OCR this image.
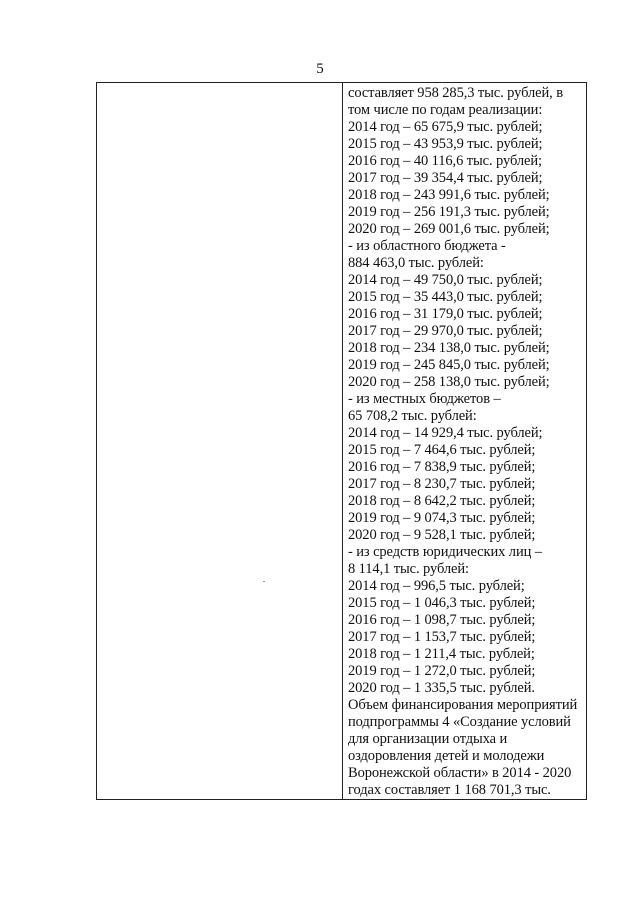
5
составляет 958 285,3 тыс. рублей, в
том числе по годам реализации:
2014 год – 65 675,9 тыс. рублей;
2015 год – 43 953,9 тыс. рублей;
2016 год – 40 116,6 тыс. рублей;
2017 год – 39 354,4 тыс. рублей;
2018 год – 243 991,6 тыс. рублей;
2019 год – 256 191,3 тыс. рублей;
2020 год – 269 001,6 тыс. рублей;
- из областного бюджета -
884 463,0 тыс. рублей:
2014 год – 49 750,0 тыс. рублей;
2015 год – 35 443,0 тыс. рублей;
2016 год – 31 179,0 тыс. рублей;
2017 год – 29 970,0 тыс. рублей;
2018 год – 234 138,0 тыс. рублей;
2019 год – 245 845,0 тыс. рублей;
2020 год – 258 138,0 тыс. рублей;
- из местных бюджетов –
65 708,2 тыс. рублей:
2014 год – 14 929,4 тыс. рублей;
2015 год – 7 464,6 тыс. рублей;
2016 год – 7 838,9 тыс. рублей;
2017 год – 8 230,7 тыс. рублей;
2018 год – 8 642,2 тыс. рублей;
2019 год – 9 074,3 тыс. рублей;
2020 год – 9 528,1 тыс. рублей;
- из средств юридических лиц –
8 114,1 тыс. рублей:
2014 год – 996,5 тыс. рублей;
2015 год – 1 046,3 тыс. рублей;
2016 год – 1 098,7 тыс. рублей;
2017 год – 1 153,7 тыс. рублей;
2018 год – 1 211,4 тыс. рублей;
2019 год – 1 272,0 тыс. рублей;
2020 год – 1 335,5 тыс. рублей.
Объем финансирования мероприятий
подпрограммы 4 «Создание условий
для организации отдыха и
оздоровления детей и молодежи
Воронежской области» в 2014 - 2020
годах составляет 1 168 701,3 тыс.
